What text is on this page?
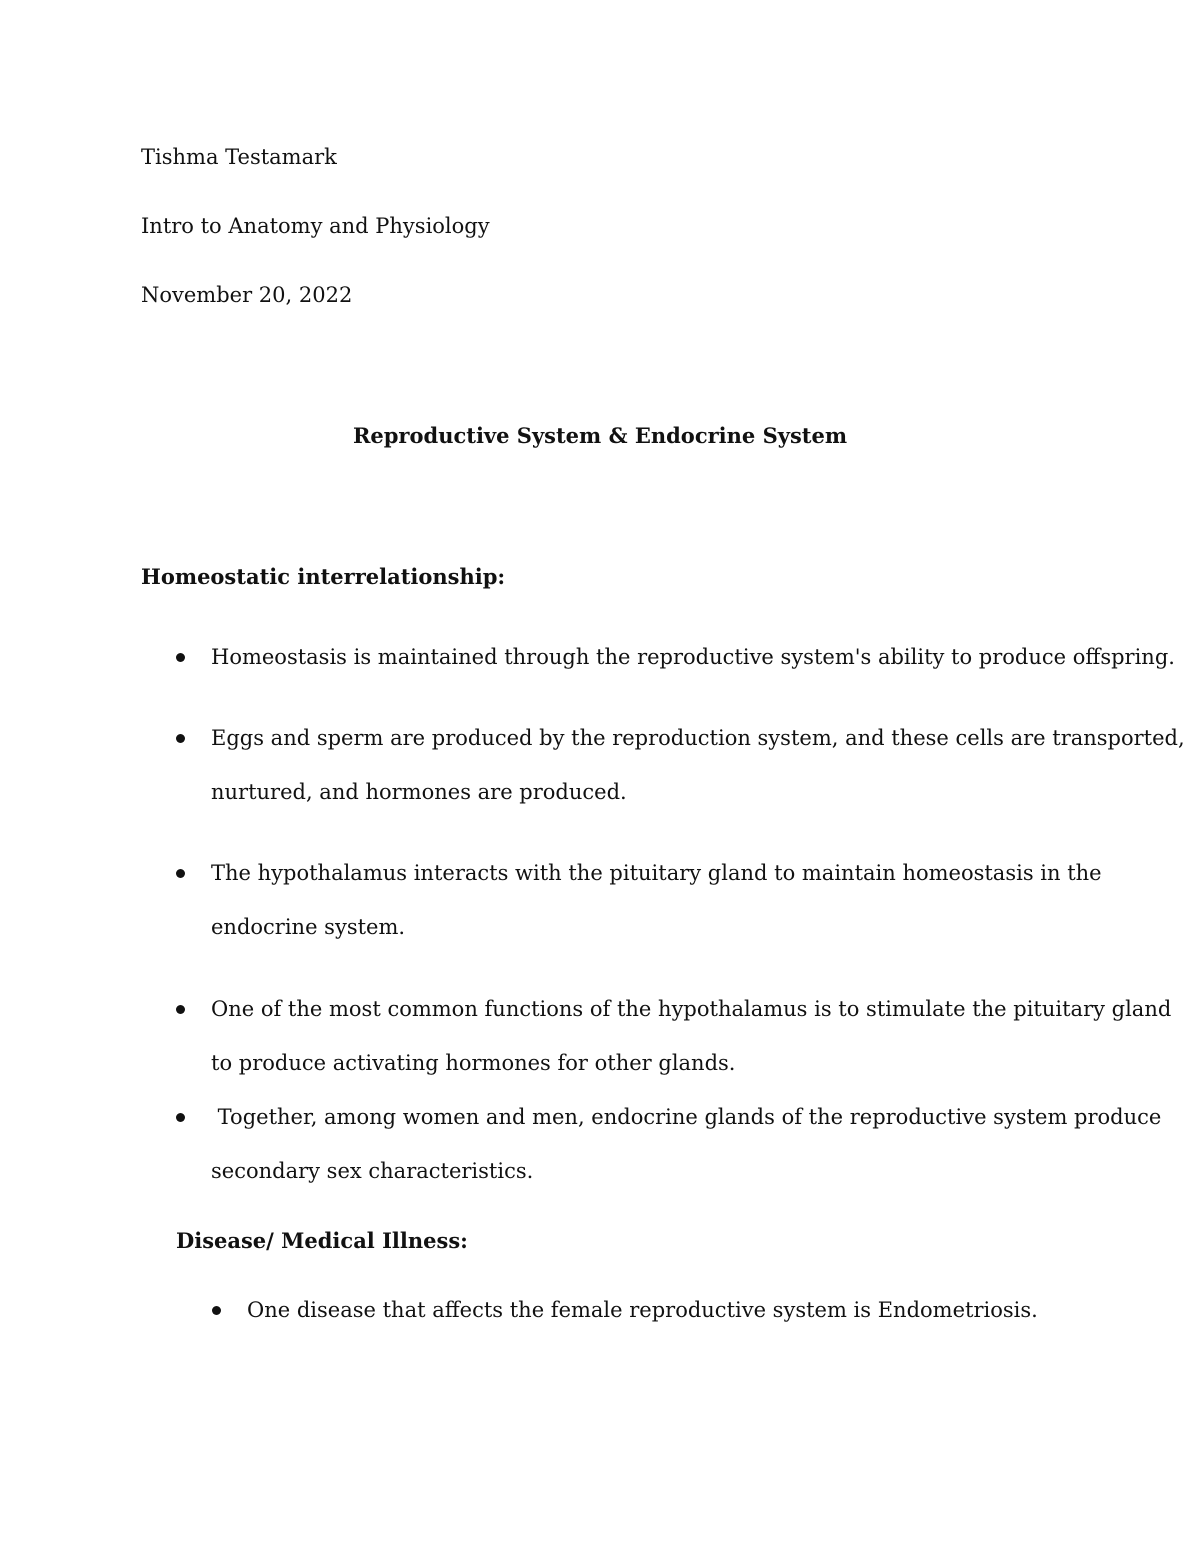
Tishma Testamark
Intro to Anatomy and Physiology
November 20, 2022
Reproductive System & Endocrine System
Homeostatic interrelationship:
Homeostasis is maintained through the reproductive system's ability to produce offspring.
Eggs and sperm are produced by the reproduction system, and these cells are transported,
nurtured, and hormones are produced.
The hypothalamus interacts with the pituitary gland to maintain homeostasis in the
endocrine system.
One of the most common functions of the hypothalamus is to stimulate the pituitary gland
to produce activating hormones for other glands.
Together, among women and men, endocrine glands of the reproductive system produce
secondary sex characteristics.
Disease/ Medical Illness:
One disease that affects the female reproductive system is Endometriosis.
